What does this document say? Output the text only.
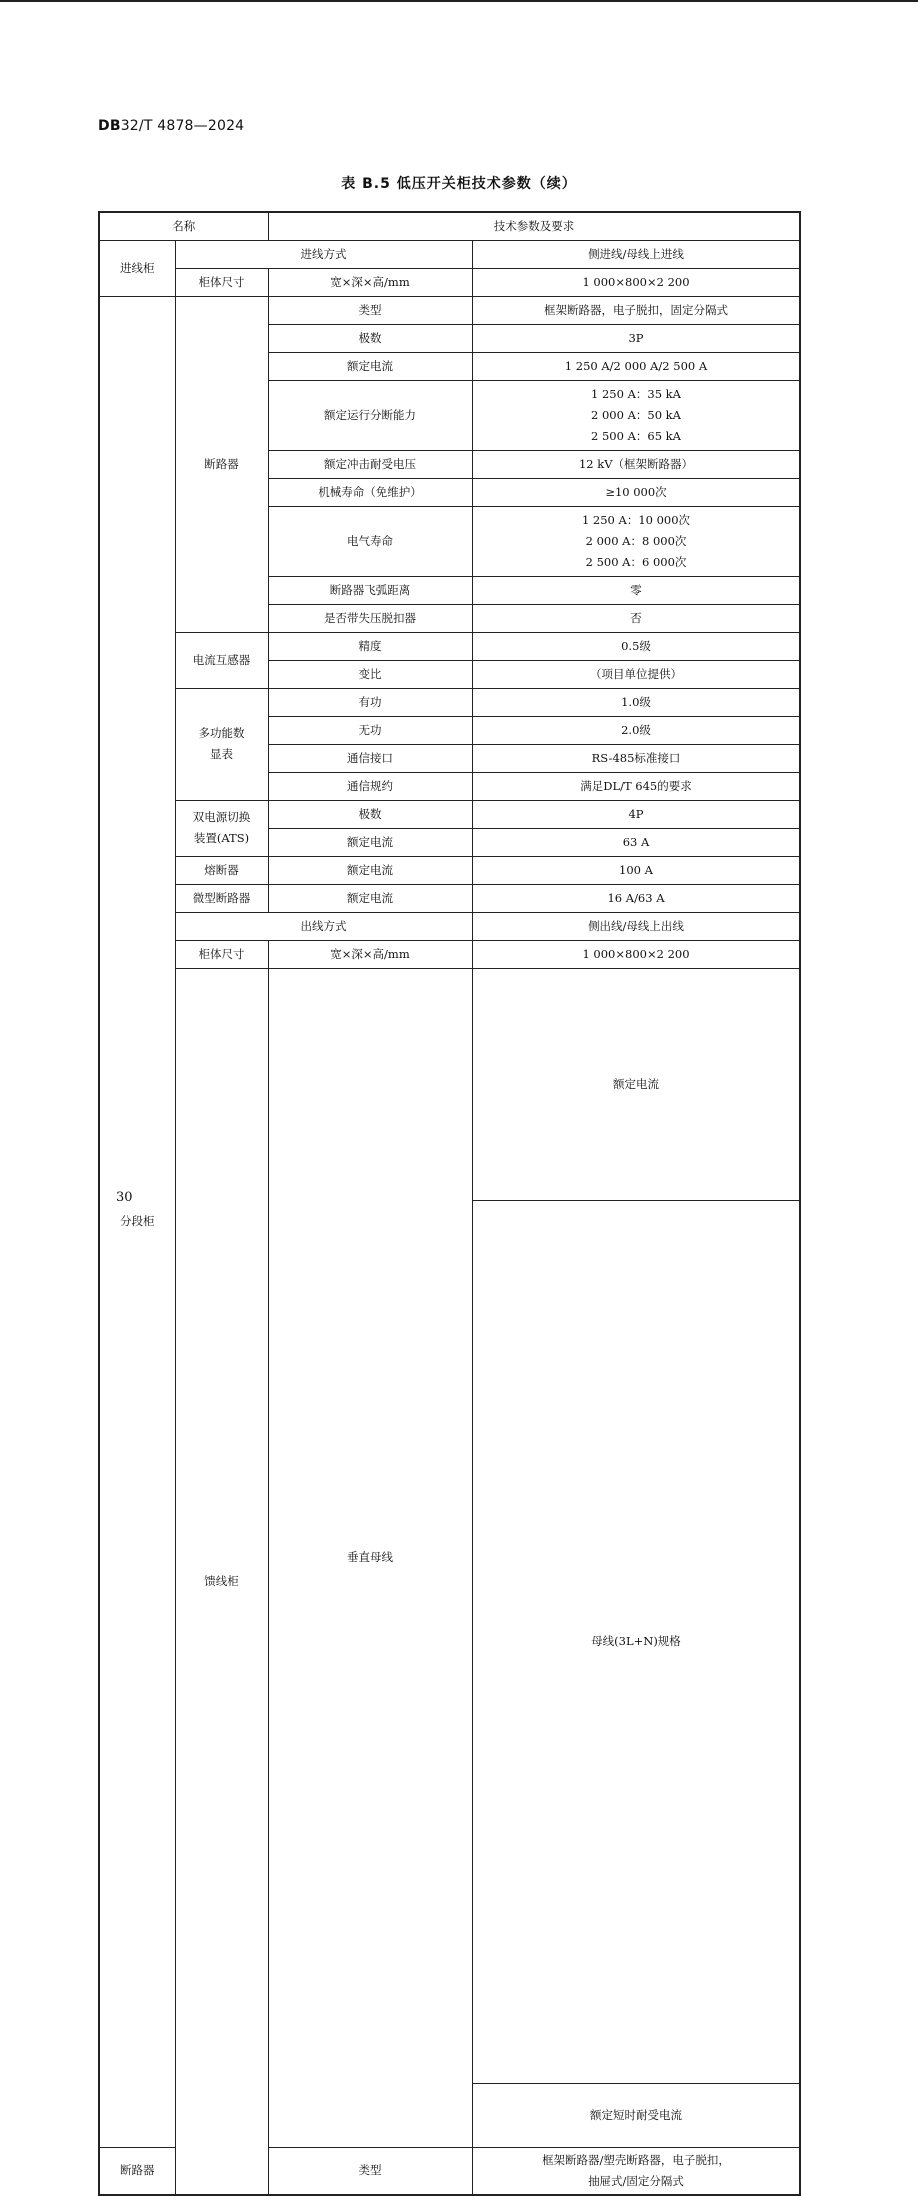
DB32/T 4878—2024
表 B.5 低压开关柜技术参数（续）
名称		技术参数及要求		
进线柜	进线方式		侧进线/母线上进线	
	柜体尺寸	宽×深×高/mm	1 000×800×2 200	
分段柜	断路器	类型	框架断路器，电子脱扣，固定分隔式	
		极数	3P	
		额定电流	1 250 A/2 000 A/2 500 A	
		额定运行分断能力	1 250 A：35 kA
2 000 A：50 kA
2 500 A：65 kA	

		额定冲击耐受电压	12 kV（框架断路器）	
		机械寿命（免维护）	≥10 000次	
		电气寿命	1 250 A：10 000次
2 000 A：8 000次
2 500 A：6 000次	

		断路器飞弧距离	零	
		是否带失压脱扣器	否	
	电流互感器	精度	0.5级	
		变比	（项目单位提供）	

	多功能数
显表	有功	1.0级	
		无功	2.0级	
		通信接口	RS-485标准接口	
		通信规约	满足DL/T 645的要求	

	双电源切换
装置(ATS)	极数	4P	
		额定电流	63 A	
	熔断器	额定电流	100 A	
	微型断路器	额定电流	16 A/63 A	
	出线方式		侧出线/母线上出线	
	柜体尺寸	宽×深×高/mm	1 000×800×2 200	
	馈线柜	垂直母线	额定电流	
			母线(3L+N)规格	

			额定短时耐受电流	
断路器		类型	框架断路器/塑壳断路器，电子脱扣，
抽屉式/固定分隔式	
30
